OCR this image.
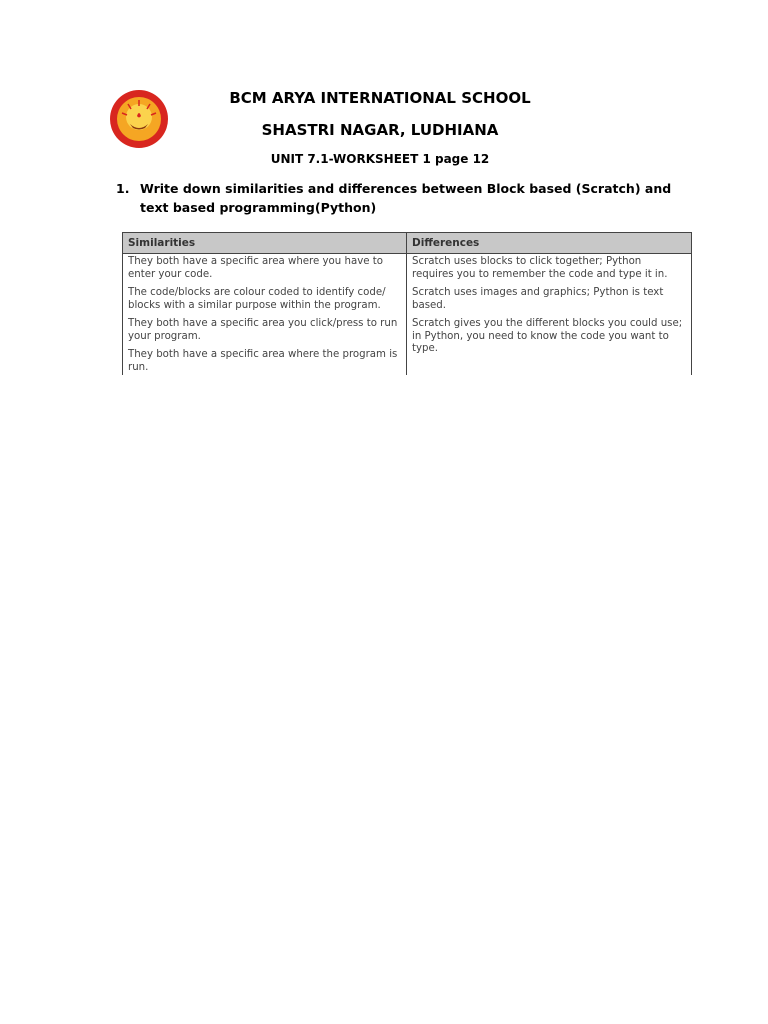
BCM ARYA INTERNATIONAL SCHOOL
SHASTRI NAGAR, LUDHIANA
UNIT 7.1-WORKSHEET 1 page 12
1. Write down similarities and differences between Block based (Scratch) and text based programming(Python)
Similarities	Differences
They both have a specific area where you have to enter your code.	Scratch uses blocks to click together; Python requires you to remember the code and type it in.
The code/blocks are colour coded to identify code/ blocks with a similar purpose within the program.	Scratch uses images and graphics; Python is text based.
They both have a specific area you click/press to run your program.	Scratch gives you the different blocks you could use; in Python, you need to know the code you want to type.
They both have a specific area where the program is run.	
